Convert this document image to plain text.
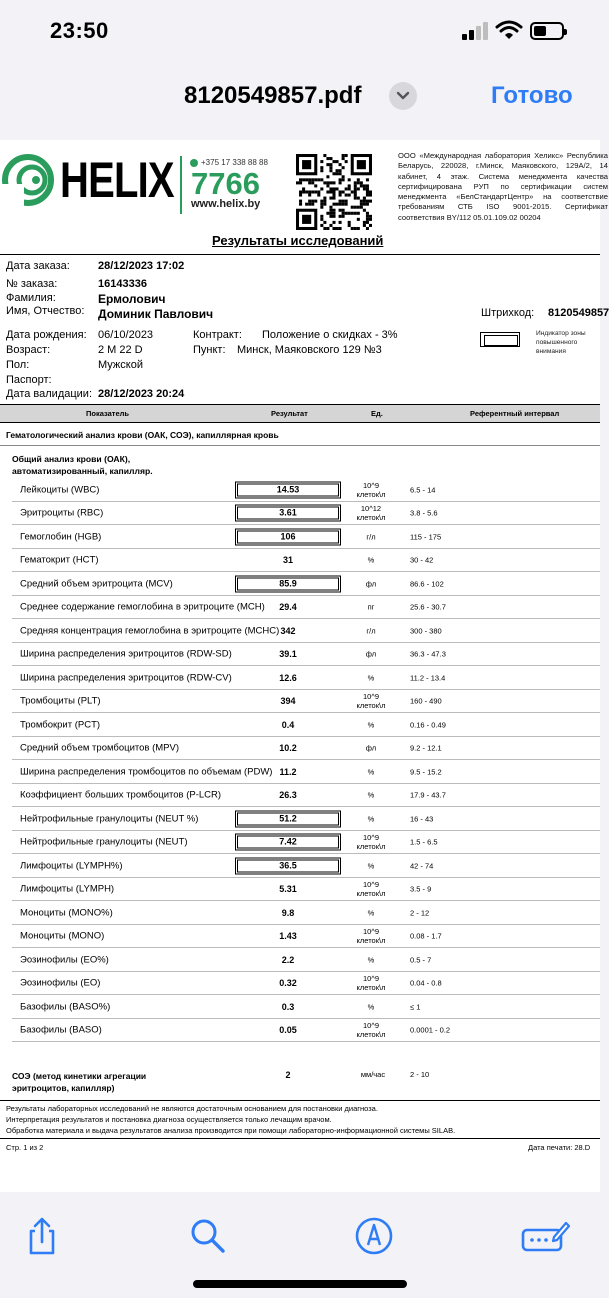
23:50
8120549857.pdf	Готово
HELIX	+375 17 338 88 88
7766
www.helix.by
Результаты исследований
ООО «Международная лаборатория Хеликс» Республика Беларусь, 220028, г.Минск, Маяковского, 129А/2, 14 кабинет, 4 этаж. Система менеджмента качества сертифицирована РУП по сертификации систем менеджмента «БелСтандартЦентр» на соответствие требованиям СТБ ISO 9001-2015. Сертификат соответствия BY/112 05.01.109.02 00204
Дата заказа:	28/12/2023 17:02
№ заказа:	16143336
Фамилия:	Ермолович
Имя, Отчество: Доминик Павлович	Штрихкод: 8120549857
Дата рождения: 06/10/2023	Контракт: Положение о скидках - 3%
Возраст:	2 М 22 D	Пункт: Минск, Маяковского 129 №3
Пол:	Мужской
Паспорт:
Дата валидации: 28/12/2023 20:24
Индикатор зоны
повышенного внимания
Показатель	Результат	Ед.	Референтный интервал
Гематологический анализ крови (ОАК, СОЭ), капиллярная кровь
Общий анализ крови (ОАК),
автоматизированный, капилляр.
Лейкоциты (WBC)	14.53	10^9 клеток\л	6.5 - 14
Эритроциты (RBC)	3.61	10^12 клеток\л	3.8 - 5.6
Гемоглобин (HGB)	106	г/л	115 - 175
Гематокрит (HCT)	31	%	30 - 42
Средний объем эритроцита (MCV)	85.9	фл	86.6 - 102
Среднее содержание гемоглобина в эритроците (MCH)	29.4	пг	25.6 - 30.7
Средняя концентрация гемоглобина в эритроците (MCHC) 342	г/л	300 - 380
Ширина распределения эритроцитов (RDW-SD)	39.1	фл	36.3 - 47.3
Ширина распределения эритроцитов (RDW-CV)	12.6	%	11.2 - 13.4
Тромбоциты (PLT)	394	10^9 клеток\л	160 - 490
Тромбокрит (PCT)	0.4	%	0.16 - 0.49
Средний объем тромбоцитов (MPV)	10.2	фл	9.2 - 12.1
Ширина распределения тромбоцитов по объемам (PDW) 11.2	%	9.5 - 15.2
Коэффициент больших тромбоцитов (P-LCR)	26.3	%	17.9 - 43.7
Нейтрофильные гранулоциты (NEUT %)	51.2	%	16 - 43
Нейтрофильные гранулоциты (NEUT)	7.42	10^9 клеток\л	1.5 - 6.5
Лимфоциты (LYMPH%)	36.5	%	42 - 74
Лимфоциты (LYMPH)	5.31	10^9 клеток\л	3.5 - 9
Моноциты (MONO%)	9.8	%	2 - 12
Моноциты (MONO)	1.43	10^9 клеток\л	0.08 - 1.7
Эозинофилы (EO%)	2.2	%	0.5 - 7
Эозинофилы (EO)	0.32	10^9 клеток\л	0.04 - 0.8
Базофилы (BASO%)	0.3	%	≤ 1
Базофилы (BASO)	0.05	10^9 клеток\л	0.0001 - 0.2
СОЭ (метод кинетики агрегации
эритроцитов, капилляр)
2	мм/час	2 - 10
Результаты лабораторных исследований не являются достаточным основанием для постановки диагноза.
Интерпретация результатов и постановка диагноза осуществляется только лечащим врачом.
Обработка материала и выдача результатов анализа производится при помощи лабораторно-информационной системы SILAB.
Стр. 1 из 2	Дата печати: 28.D
